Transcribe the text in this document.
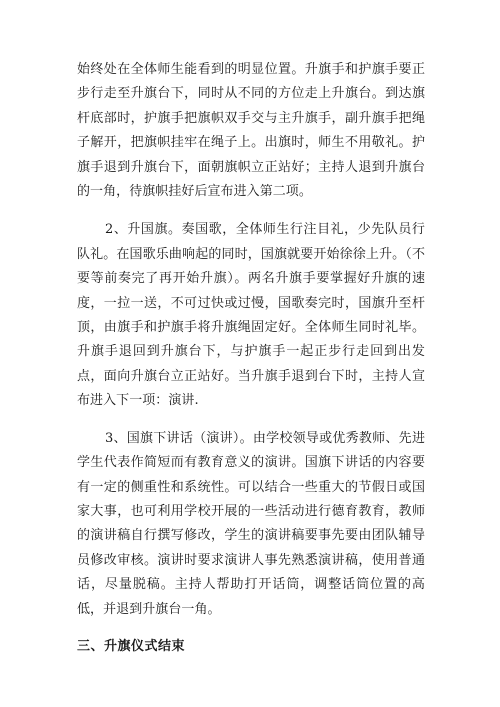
始终处在全体师生能看到的明显位置。升旗手和护旗手要正步行走至升旗台下，同时从不同的方位走上升旗台。到达旗杆底部时，护旗手把旗帜双手交与主升旗手，副升旗手把绳子解开，把旗帜挂牢在绳子上。出旗时，师生不用敬礼。护旗手退到升旗台下，面朝旗帜立正站好；主持人退到升旗台的一角，待旗帜挂好后宣布进入第二项。

2、升国旗。奏国歌，全体师生行注目礼，少先队员行队礼。在国歌乐曲响起的同时，国旗就要开始徐徐上升。（不要等前奏完了再开始升旗）。两名升旗手要掌握好升旗的速度，一拉一送，不可过快或过慢，国歌奏完时，国旗升至杆顶，由旗手和护旗手将升旗绳固定好。全体师生同时礼毕。升旗手退回到升旗台下，与护旗手一起正步行走回到出发点，面向升旗台立正站好。当升旗手退到台下时，主持人宣布进入下一项：演讲.

3、国旗下讲话（演讲）。由学校领导或优秀教师、先进学生代表作简短而有教育意义的演讲。国旗下讲话的内容要有一定的侧重性和系统性。可以结合一些重大的节假日或国家大事，也可利用学校开展的一些活动进行德育教育，教师的演讲稿自行撰写修改，学生的演讲稿要事先要由团队辅导员修改审核。演讲时要求演讲人事先熟悉演讲稿，使用普通话，尽量脱稿。主持人帮助打开话筒，调整话筒位置的高低，并退到升旗台一角。

三、升旗仪式结束
